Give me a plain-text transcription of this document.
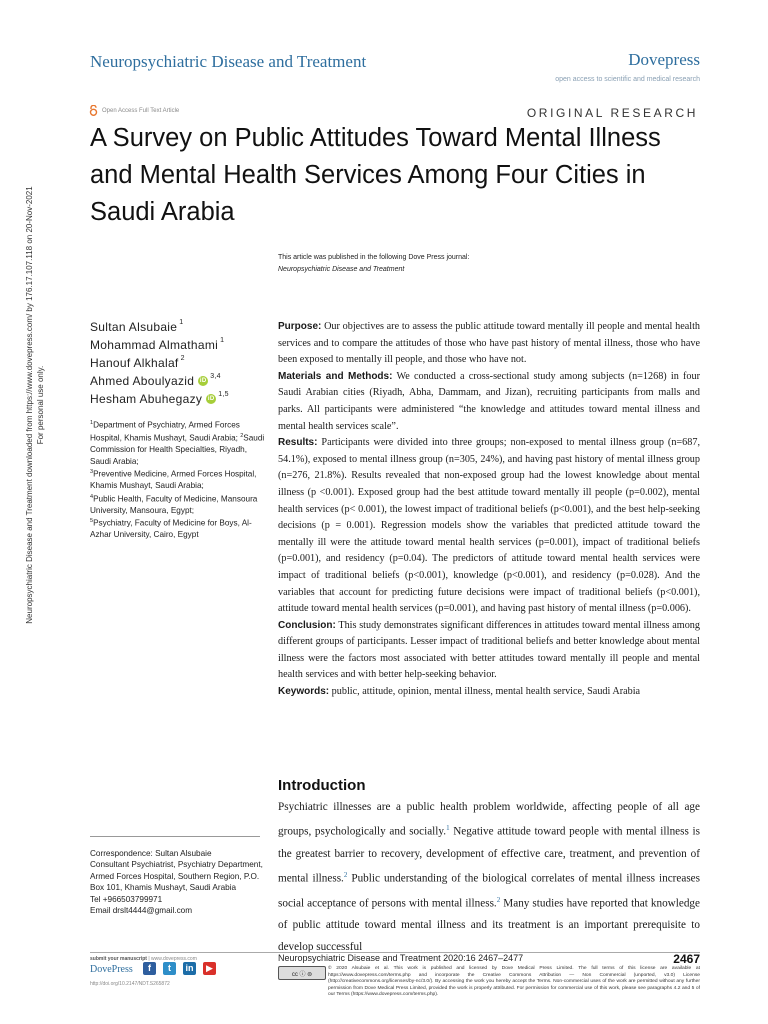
Neuropsychiatric Disease and Treatment	Dovepress
open access to scientific and medical research
Open Access Full Text Article	ORIGINAL RESEARCH
A Survey on Public Attitudes Toward Mental Illness and Mental Health Services Among Four Cities in Saudi Arabia
This article was published in the following Dove Press journal:
Neuropsychiatric Disease and Treatment
Neuropsychiatric Disease and Treatment downloaded from https://www.dovepress.com/ by 176.17.107.118 on 20-Nov-2021 For personal use only.
Sultan Alsubaie $^1$
Mohammad Almathami $^1$
Hanouf Alkhalaf $^2$
Ahmed Aboulyazid iD
$^{3,4}$
Hesham Abuhegazy iD
$^{1,5}$
$^1$Department of Psychiatry, Armed Forces Hospital, Khamis Mushayt, Saudi Arabia; $^2$Saudi Commission for Health Specialties, Riyadh, Saudi Arabia;
$^3$Preventive Medicine, Armed Forces Hospital, Khamis Mushayt, Saudi Arabia;
$^4$Public Health, Faculty of Medicine, Mansoura University, Mansoura, Egypt;
$^5$Psychiatry, Faculty of Medicine for Boys, Al-Azhar University, Cairo, Egypt

Purpose: Our objectives are to assess the public attitude toward mentally ill people and mental health services and to compare the attitudes of those who have past history of mental illness, those who have been exposed to mentally ill people, and those who have not.

Materials and Methods: We conducted a cross-sectional study among subjects (n=1268) in four Saudi Arabian cities (Riyadh, Abha, Dammam, and Jizan), recruiting participants from malls and parks. All participants were administered “the knowledge and attitudes toward mental illness and mental health services scale”.

Results: Participants were divided into three groups; non-exposed to mental illness group (n=687, 54.1%), exposed to mental illness group (n=305, 24%), and having past history of mental illness group (n=276, 21.8%). Results revealed that non-exposed group had the lowest knowledge about mental illness (p <0.001). Exposed group had the best attitude toward mentally ill people (p=0.002), mental health services (p< 0.001), the lowest impact of traditional beliefs (p<0.001), and the best help-seeking decisions (p = 0.001). Regression models show the variables that predicted attitude toward the mentally ill were the attitude toward mental health services (p=0.001), impact of traditional beliefs (p=0.001), and residency (p=0.04). The predictors of attitude toward mental health services were impact of traditional beliefs (p<0.001), knowledge (p<0.001), and residency (p=0.028). And the variables that account for predicting future decisions were impact of traditional beliefs (p<0.001), attitude toward mental health services (p=0.001), and having past history of mental illness (p=0.006).

Conclusion: This study demonstrates significant differences in attitudes toward mental illness among different groups of participants. Lesser impact of traditional beliefs and better knowledge about mental illness were the factors most associated with better attitudes toward mentally ill people and mental health services and with better help-seeking behavior.

Keywords: public, attitude, opinion, mental illness, mental health service, Saudi Arabia

Introduction

Psychiatric illnesses are a public health problem worldwide, affecting people of all age groups, psychologically and socially.$^1$ Negative attitude toward people with mental illness is the greatest barrier to recovery, development of effective care, treatment, and prevention of mental illness.$^2$ Public understanding of the biological correlates of mental illness increases social acceptance of persons with mental illness.$^2$ Many studies have reported that knowledge of public attitude toward mental illness and its treatment is an important prerequisite to develop successful

Correspondence: Sultan Alsubaie
Consultant Psychiatrist, Psychiatry Department, Armed Forces Hospital, Southern Region, P.O. Box 101, Khamis Mushayt, Saudi Arabia
Tel +966503799971
Email drslt4444@gmail.com
submit your manuscript | www.dovepress.com
DovePress	f	t	in	▶
http://doi.org/10.2147/NDT.S265872
Neuropsychiatric Disease and Treatment 2020:16 2467–2477	2467
cc ⓘ ⊜
© 2020 Alsubaie et al. This work is published and licensed by Dove Medical Press Limited. The full terms of this license are available at https://www.dovepress.com/terms.php and incorporate the Creative Commons Attribution — Non Commercial (unported, v3.0) License (http://creativecommons.org/licenses/by-nc/3.0/). By accessing the work you hereby accept the Terms. Non-commercial uses of the work are permitted without any further permission from Dove Medical Press Limited, provided the work is properly attributed. For permission for commercial use of this work, please see paragraphs 4.2 and 5 of our Terms (https://www.dovepress.com/terms.php).
